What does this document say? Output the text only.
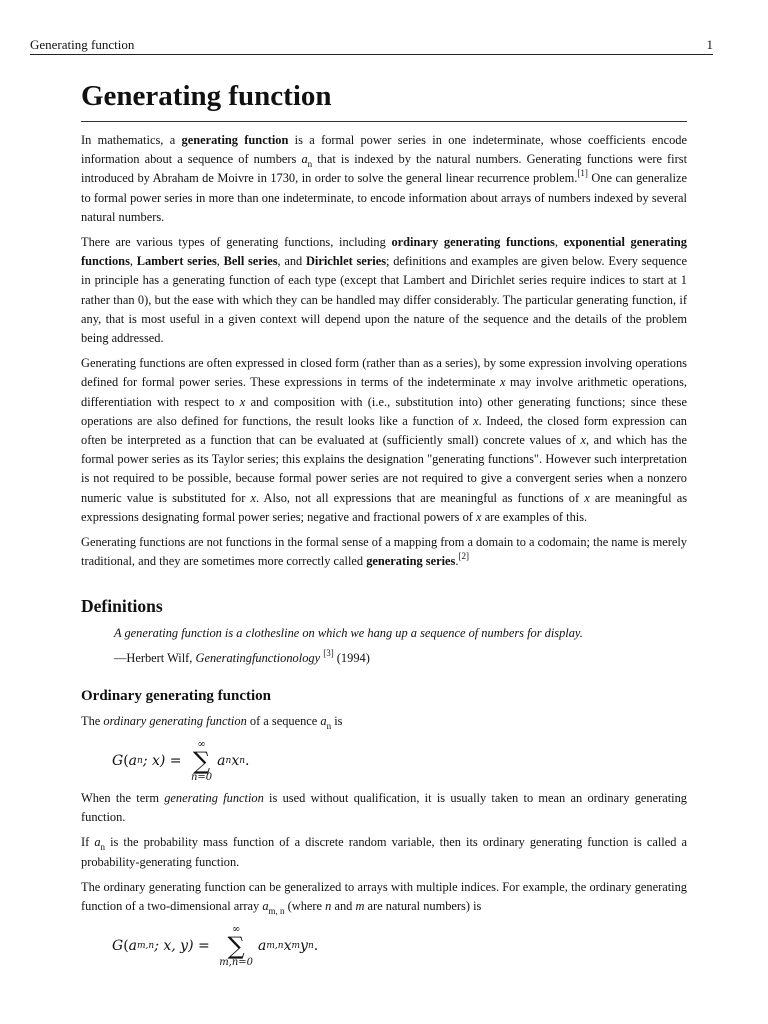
Generating function	1
Generating function

In mathematics, a generating function is a formal power series in one indeterminate, whose coefficients encode information about a sequence of numbers $a_n$ that is indexed by the natural numbers. Generating functions were first introduced by Abraham de Moivre in 1730, in order to solve the general linear recurrence problem.[1] One can generalize to formal power series in more than one indeterminate, to encode information about arrays of numbers indexed by several natural numbers.

There are various types of generating functions, including ordinary generating functions, exponential generating functions, Lambert series, Bell series, and Dirichlet series; definitions and examples are given below. Every sequence in principle has a generating function of each type (except that Lambert and Dirichlet series require indices to start at 1 rather than 0), but the ease with which they can be handled may differ considerably. The particular generating function, if any, that is most useful in a given context will depend upon the nature of the sequence and the details of the problem being addressed.

Generating functions are often expressed in closed form (rather than as a series), by some expression involving operations defined for formal power series. These expressions in terms of the indeterminate x may involve arithmetic operations, differentiation with respect to x and composition with (i.e., substitution into) other generating functions; since these operations are also defined for functions, the result looks like a function of x. Indeed, the closed form expression can often be interpreted as a function that can be evaluated at (sufficiently small) concrete values of x, and which has the formal power series as its Taylor series; this explains the designation "generating functions". However such interpretation is not required to be possible, because formal power series are not required to give a convergent series when a nonzero numeric value is substituted for x. Also, not all expressions that are meaningful as functions of x are meaningful as expressions designating formal power series; negative and fractional powers of x are examples of this.

Generating functions are not functions in the formal sense of a mapping from a domain to a codomain; the name is merely traditional, and they are sometimes more correctly called generating series.[2]

Definitions
A generating function is a clothesline on which we hang up a sequence of numbers for display.
—Herbert Wilf, Generatingfunctionology [3] (1994)
Ordinary generating function

The ordinary generating function of a sequence $a_n$ is

G ( a n ; x) =
∞
∑
n=0
a n x n .

When the term generating function is used without qualification, it is usually taken to mean an ordinary generating function.

If $a_n$ is the probability mass function of a discrete random variable, then its ordinary generating function is called a probability-generating function.

The ordinary generating function can be generalized to arrays with multiple indices. For example, the ordinary generating function of a two-dimensional array $a_{m, n}$ (where n and m are natural numbers) is

G ( a m,n ; x, y) =
∞
∑
m,n=0
a m,n x m y n .
